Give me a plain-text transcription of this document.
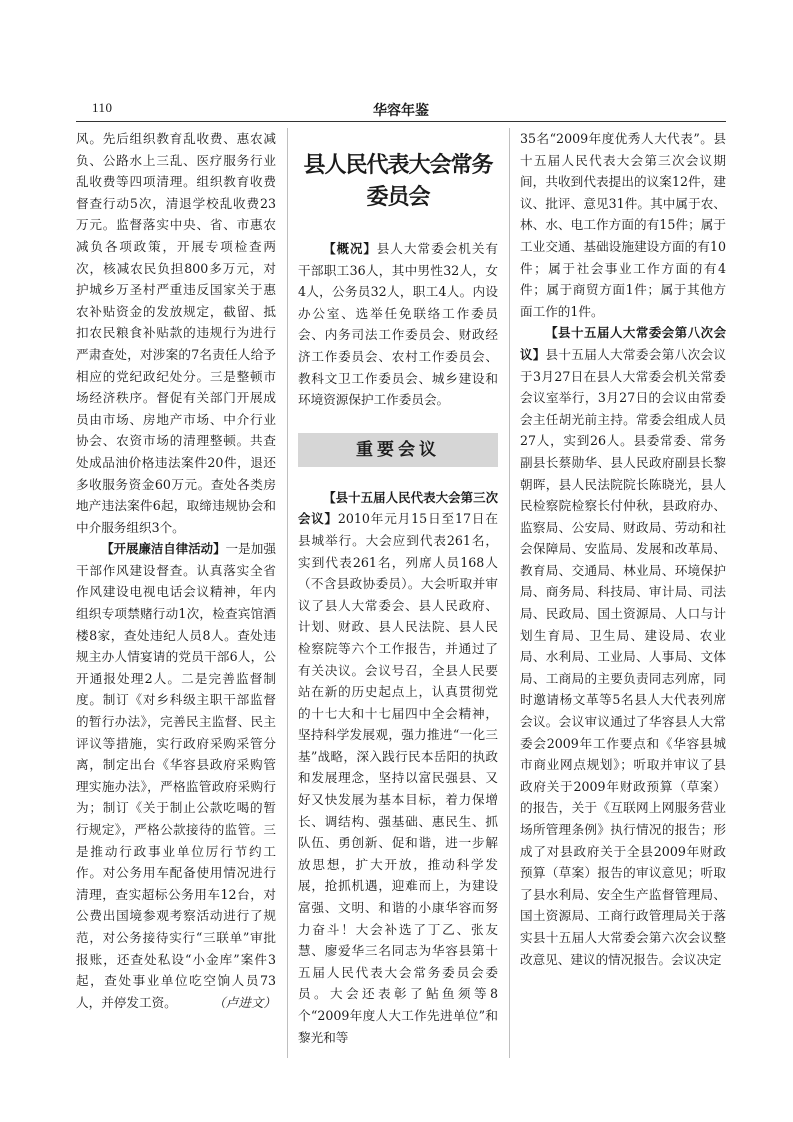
110	华容年鉴

风。先后组织教育乱收费、惠农减负、公路水上三乱、医疗服务行业乱收费等四项清理。组织教育收费督查行动5次，清退学校乱收费23万元。监督落实中央、省、市惠农减负各项政策，开展专项检查两次，核减农民负担800多万元，对护城乡万圣村严重违反国家关于惠农补贴资金的发放规定，截留、抵扣农民粮食补贴款的违规行为进行严肃查处，对涉案的7名责任人给予相应的党纪政纪处分。三是整顿市场经济秩序。督促有关部门开展成员由市场、房地产市场、中介行业协会、农资市场的清理整顿。共查处成品油价格违法案件20件，退还多收服务资金60万元。查处各类房地产违法案件6起，取缔违规协会和中介服务组织3个。

【开展廉洁自律活动】一是加强干部作风建设督查。认真落实全省作风建设电视电话会议精神，年内组织专项禁赌行动1次，检查宾馆酒楼8家，查处违纪人员8人。查处违规主办人情宴请的党员干部6人，公开通报处理2人。二是完善监督制度。制订《对乡科级主职干部监督的暂行办法》，完善民主监督、民主评议等措施，实行政府采购采管分离，制定出台《华容县政府采购管理实施办法》，严格监管政府采购行为；制订《关于制止公款吃喝的暂行规定》，严格公款接待的监管。三是推动行政事业单位厉行节约工作。对公务用车配备使用情况进行清理，查实超标公务用车12台，对公费出国境参观考察活动进行了规范，对公务接待实行“三联单”审批报账，还查处私设“小金库”案件3起，查处事业单位吃空饷人员73人，并停发工资。	（卢进文）
县人民代表大会常务委员会

【概况】县人大常委会机关有干部职工36人，其中男性32人，女4人，公务员32人，职工4人。内设办公室、选举任免联络工作委员会、内务司法工作委员会、财政经济工作委员会、农村工作委员会、教科文卫工作委员会、城乡建设和环境资源保护工作委员会。

重要会议

【县十五届人民代表大会第三次会议】2010年元月15日至17日在县城举行。大会应到代表261名，实到代表261名，列席人员168人（不含县政协委员）。大会听取并审议了县人大常委会、县人民政府、计划、财政、县人民法院、县人民检察院等六个工作报告，并通过了有关决议。会议号召，全县人民要站在新的历史起点上，认真贯彻党的十七大和十七届四中全会精神，坚持科学发展观，强力推进“一化三基”战略，深入践行民本岳阳的执政和发展理念，坚持以富民强县、又好又快发展为基本目标，着力保增长、调结构、强基础、惠民生、抓队伍、勇创新、促和谐，进一步解放思想，扩大开放，推动科学发展，抢抓机遇，迎难而上，为建设富强、文明、和谐的小康华容而努力奋斗！大会补选了丁乙、张友慧、廖爱华三名同志为华容县第十五届人民代表大会常务委员会委员。大会还表彰了鲇鱼须等8个“2009年度人大工作先进单位”和黎光和等

35名“2009年度优秀人大代表”。县十五届人民代表大会第三次会议期间，共收到代表提出的议案12件，建议、批评、意见31件。其中属于农、林、水、电工作方面的有15件；属于工业交通、基础设施建设方面的有10件；属于社会事业工作方面的有4件；属于商贸方面1件；属于其他方面工作的1件。

【县十五届人大常委会第八次会议】县十五届人大常委会第八次会议于3月27日在县人大常委会机关常委会议室举行，3月27日的会议由常委会主任胡光前主持。常委会组成人员27人，实到26人。县委常委、常务副县长蔡勋华、县人民政府副县长黎朝晖，县人民法院院长陈晓光，县人民检察院检察长付仲秋，县政府办、监察局、公安局、财政局、劳动和社会保障局、安监局、发展和改革局、教育局、交通局、林业局、环境保护局、商务局、科技局、审计局、司法局、民政局、国土资源局、人口与计划生育局、卫生局、建设局、农业局、水利局、工业局、人事局、文体局、工商局的主要负责同志列席，同时邀请杨文革等5名县人大代表列席会议。会议审议通过了华容县人大常委会2009年工作要点和《华容县城市商业网点规划》；听取并审议了县政府关于2009年财政预算（草案）的报告，关于《互联网上网服务营业场所管理条例》执行情况的报告；形成了对县政府关于全县2009年财政预算（草案）报告的审议意见；听取了县水利局、安全生产监督管理局、国土资源局、工商行政管理局关于落实县十五届人大常委会第六次会议整改意见、建议的情况报告。会议决定
